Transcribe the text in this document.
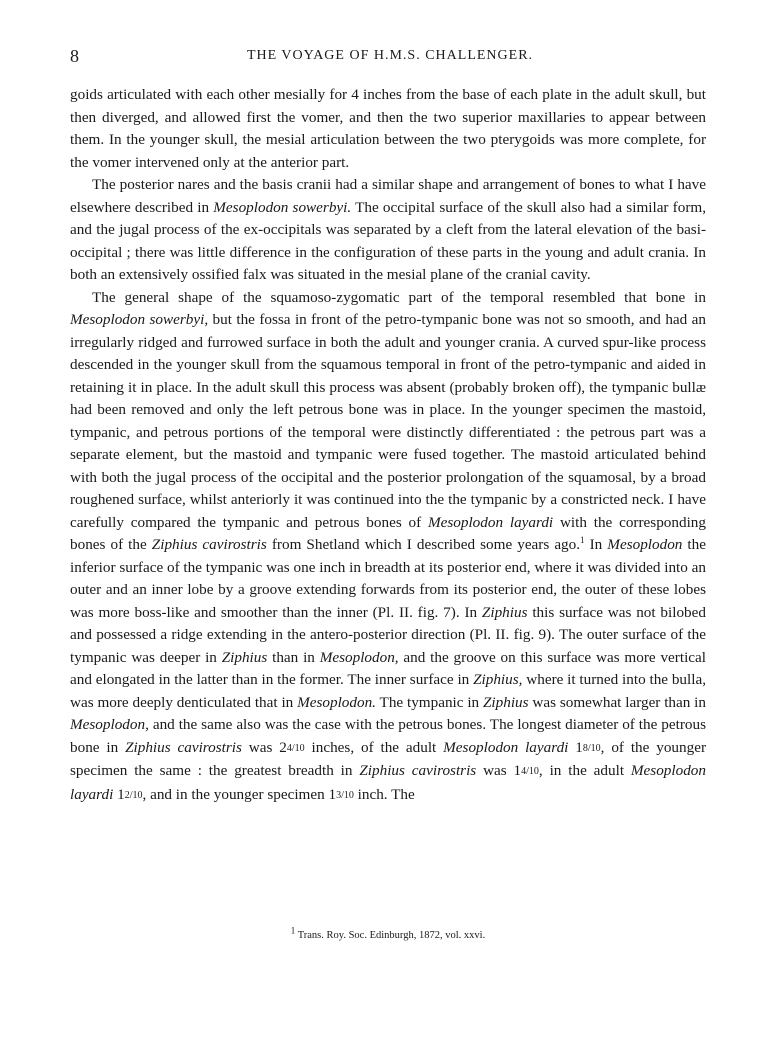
8	THE VOYAGE OF H.M.S. CHALLENGER.

goids articulated with each other mesially for 4 inches from the base of each plate in the adult skull, but then diverged, and allowed first the vomer, and then the two superior maxillaries to appear between them. In the younger skull, the mesial articulation between the two pterygoids was more complete, for the vomer intervened only at the anterior part.

The posterior nares and the basis cranii had a similar shape and arrangement of bones to what I have elsewhere described in Mesoplodon sowerbyi. The occipital surface of the skull also had a similar form, and the jugal process of the ex-occipitals was separated by a cleft from the lateral elevation of the basi-occipital ; there was little difference in the configuration of these parts in the young and adult crania. In both an extensively ossified falx was situated in the mesial plane of the cranial cavity.

The general shape of the squamoso-zygomatic part of the temporal resembled that bone in Mesoplodon sowerbyi, but the fossa in front of the petro-tympanic bone was not so smooth, and had an irregularly ridged and furrowed surface in both the adult and younger crania. A curved spur-like process descended in the younger skull from the squamous temporal in front of the petro-tympanic and aided in retaining it in place. In the adult skull this process was absent (probably broken off), the tympanic bullæ had been removed and only the left petrous bone was in place. In the younger specimen the mastoid, tympanic, and petrous portions of the temporal were distinctly differentiated : the petrous part was a separate element, but the mastoid and tympanic were fused together. The mastoid articulated behind with both the jugal process of the occipital and the posterior prolongation of the squamosal, by a broad roughened surface, whilst anteriorly it was continued into the the tympanic by a constricted neck. I have carefully compared the tympanic and petrous bones of Mesoplodon layardi with the corresponding bones of the Ziphius cavirostris from Shetland which I described some years ago.$^1$ In Mesoplodon the inferior surface of the tympanic was one inch in breadth at its posterior end, where it was divided into an outer and an inner lobe by a groove extending forwards from its posterior end, the outer of these lobes was more boss-like and smoother than the inner (Pl. II. fig. 7). In Ziphius this surface was not bilobed and possessed a ridge extending in the antero-posterior direction (Pl. II. fig. 9). The outer surface of the tympanic was deeper in Ziphius than in Mesoplodon, and the groove on this surface was more vertical and elongated in the latter than in the former. The inner surface in Ziphius, where it turned into the bulla, was more deeply denticulated that in Mesoplodon. The tympanic in Ziphius was somewhat larger than in Mesoplodon, and the same also was the case with the petrous bones. The longest diameter of the petrous bone in Ziphius cavirostris was 24/10 inches, of the adult Mesoplodon layardi 18/10, of the younger specimen the same : the greatest breadth in Ziphius cavirostris was 14/10, in the adult Mesoplodon layardi 12/10, and in the younger specimen 13/10 inch. The

$^1$ Trans. Roy. Soc. Edinburgh, 1872, vol. xxvi.
